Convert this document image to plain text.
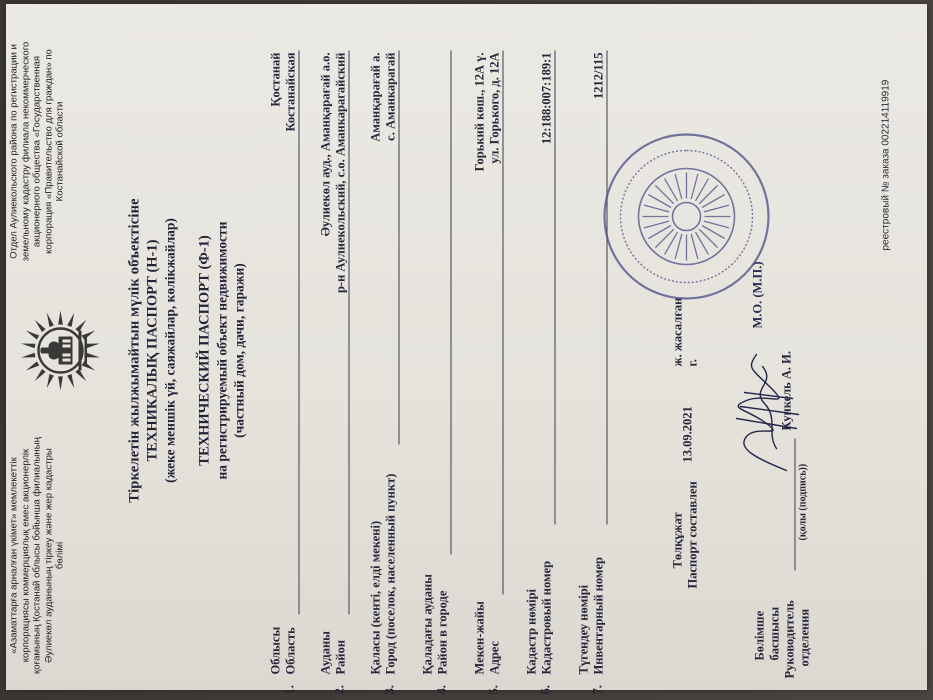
«Азаматтарға арналған үкімет» мемлекеттік корпорациясы коммерциялық емес акционерлік қоғамының Қостанай облысы бойынша филиалының Әулиекөл ауданының тіркеу және жер кадастры бөлімі
Отдел Аулиекольского района по регистрации и земельному кадастру филиала некоммерческого акционерного общества «Государственная корпорация «Правительство для граждан» по Костанайской области
Тіркелетін жылжымайтын мүлік объектісіне ТЕХНИКАЛЫҚ ПАСПОРТ (Н-1) (жеке меншік үй, саяжайлар, көлікжайлар) ТЕХНИЧЕСКИЙ ПАСПОРТ (Ф-1) на регистрируемый объект недвижимости (частный дом, дачи, гаражи)
1.
Облысы Область
Қостанай Костанайская
2.
Ауданы Район
Әулиекөл ауд., Аманқарағай а.о. р-н Аулиекольский, с.о. Аманкарагайский
3.
Қаласы (кенті, елді мекені) Город (поселок, населенный пункт)
Аманқарағай а. с. Аманкарагай
4.
Қаладағы ауданы Район в городе
5.
Мекен-жайы Адрес
Горький көш., 12А ү. ул. Горького, д. 12А
6.
Кадастр нөмірі Кадастровый номер
12:188:007:189:1
7.
Түгендеу нөмірі Инвентарный номер
1212/115
Төлқұжат Паспорт составлен
13.09.2021
ж. жасалған г.
Бөлімше басшысы Руководитель отделения
(қолы (подпись))
Кункель А. И.
М.О. (М.П.)
реестровый № заказа 002214119919
